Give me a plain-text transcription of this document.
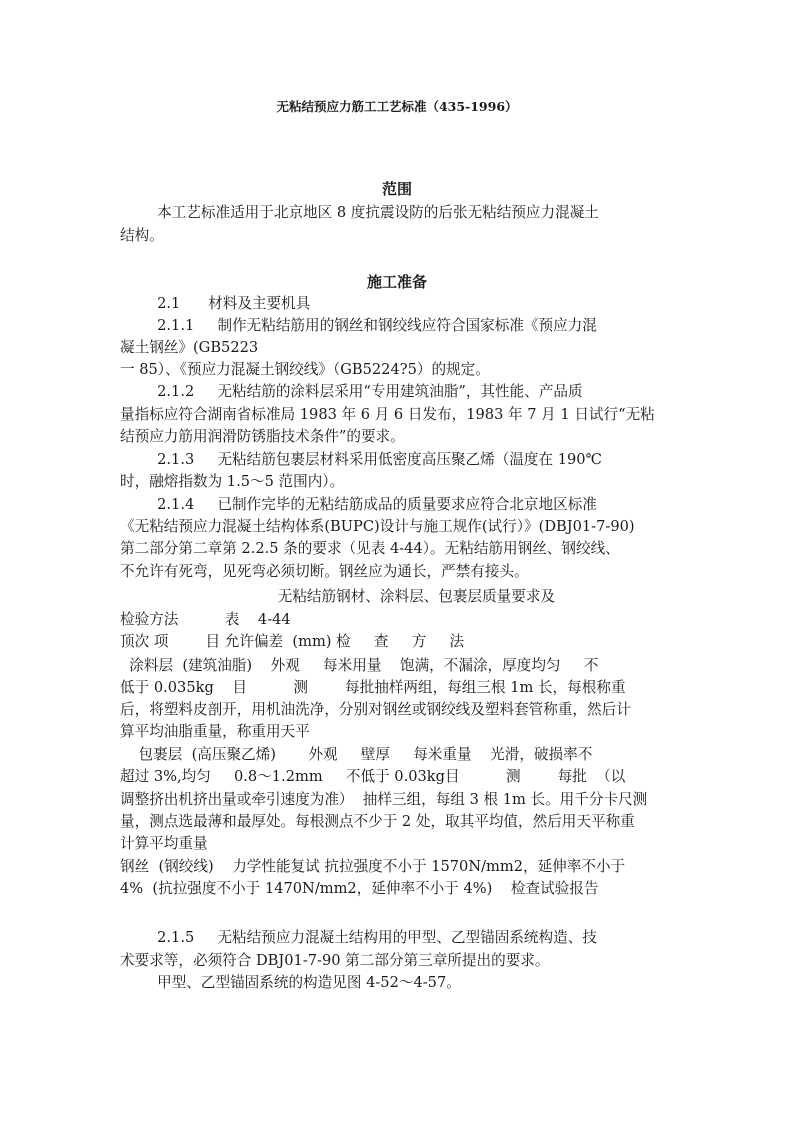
无粘结预应力筋工工艺标准（435-1996）
范围
本工艺标准适用于北京地区 8 度抗震设防的后张无粘结预应力混凝土
结构。
施工准备
2.1      材料及主要机具
2.1.1     制作无粘结筋用的钢丝和钢绞线应符合国家标准《预应力混
凝土钢丝》(GB5223
一 85）、《预应力混凝土钢绞线》（GB5224?5）的规定。
2.1.2     无粘结筋的涂料层采用“专用建筑油脂”，其性能、产品质
量指标应符合湖南省标准局 1983 年 6 月 6 日发布，1983 年 7 月 1 日试行“无粘
结预应力筋用润滑防锈脂技术条件”的要求。
2.1.3     无粘结筋包裹层材料采用低密度高压聚乙烯（温度在 190℃
时，融熔指数为 1.5～5 范围内）。
2.1.4     已制作完毕的无粘结筋成品的质量要求应符合北京地区标准
《无粘结预应力混凝土结构体系(BUPC)设计与施工规作(试行）》(DBJ01-7-90)
第二部分第二章第 2.2.5 条的要求（见表 4-44）。无粘结筋用钢丝、钢绞线、
不允许有死弯，见死弯必须切断。钢丝应为通长，严禁有接头。
无粘结筋钢材、涂料层、包裹层质量要求及
检验方法          表    4-44
顶次 项        目 允许偏差  (mm) 检     查     方     法
涂料层  (建筑油脂)    外观     每米用量    饱满，不漏涂，厚度均匀     不
低于 0.035kg    目          测        每批抽样两组，每组三根 1m 长，每根称重
后，将塑料皮剖开，用机油洗净，分别对钢丝或钢绞线及塑料套管称重，然后计
算平均油脂重量，称重用天平
包裹层  (高压聚乙烯)       外观     壁厚     每米重量    光滑，破损率不
超过 3%,均匀     0.8～1.2mm     不低于 0.03kg目          测        每批  （以
调整挤出机挤出量或牵引速度为准）  抽样三组，每组 3 根 1m 长。用千分卡尺测
量，测点选最薄和最厚处。每根测点不少于 2 处，取其平均值，然后用天平称重
计算平均重量
钢丝  (钢绞线)    力学性能复试 抗拉强度不小于 1570N/mm2，延伸率不小于
4%  (抗拉强度不小于 1470N/mm2，延伸率不小于 4%)    检查试验报告
2.1.5     无粘结预应力混凝土结构用的甲型、乙型锚固系统构造、技
术要求等，必须符合 DBJ01-7-90 第二部分第三章所提出的要求。
甲型、乙型锚固系统的构造见图 4-52～4-57。
